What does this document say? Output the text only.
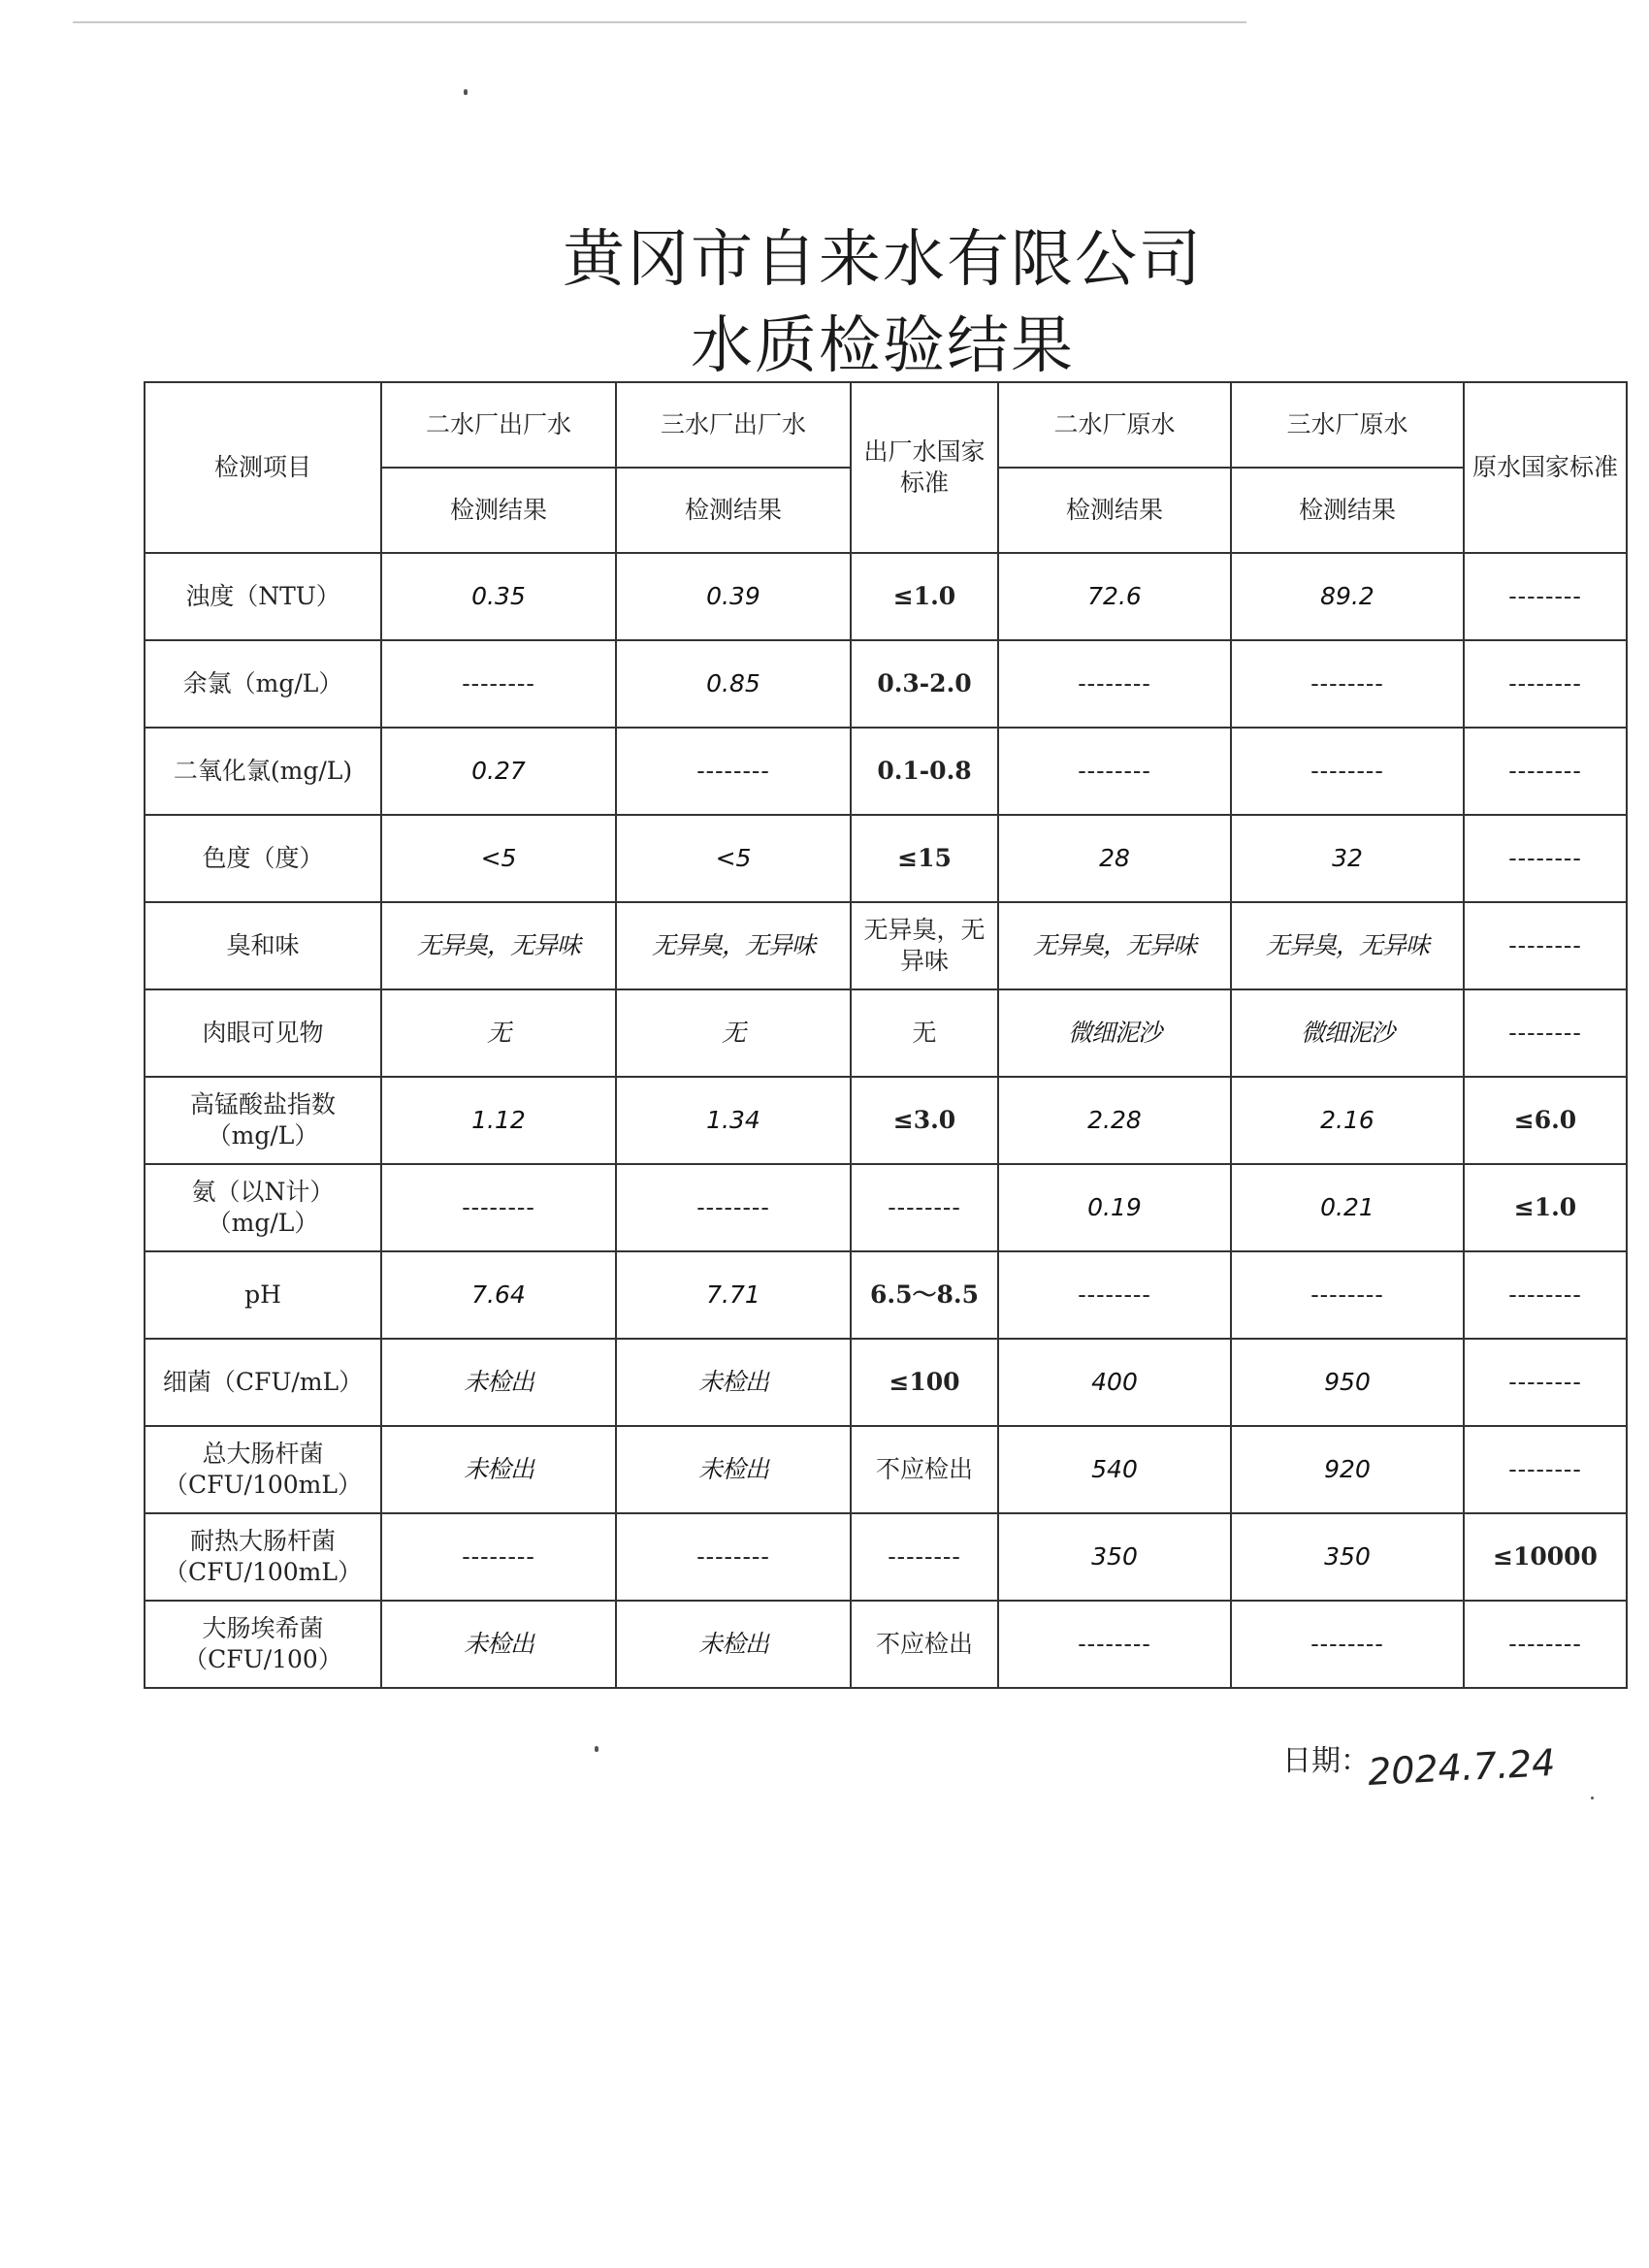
黄冈市自来水有限公司
水质检验结果
检测项目	二水厂出厂水	三水厂出厂水	出厂水国家标准	二水厂原水	三水厂原水	原水国家标准
	检测结果	检测结果		检测结果	检测结果	
浊度（NTU）	0.35	0.39	≤1.0	72.6	89.2	--------
余氯（mg/L）	--------	0.85	0.3-2.0	--------	--------	--------
二氧化氯(mg/L)	0.27	--------	0.1-0.8	--------	--------	--------
色度（度）	<5	<5	≤15	28	32	--------
臭和味	无异臭，无异味	无异臭，无异味	无异臭，无异味	无异臭，无异味	无异臭，无异味	--------
肉眼可见物	无	无	无	微细泥沙	微细泥沙	--------
高锰酸盐指数（mg/L）	1.12	1.34	≤3.0	2.28	2.16	≤6.0
氨（以N计）（mg/L）	--------	--------	--------	0.19	0.21	≤1.0
pH	7.64	7.71	6.5～8.5	--------	--------	--------
细菌（CFU/mL）	未检出	未检出	≤100	400	950	--------
总大肠杆菌（CFU/100mL）	未检出	未检出	不应检出	540	920	--------
耐热大肠杆菌（CFU/100mL）	--------	--------	--------	350	350	≤10000
大肠埃希菌（CFU/100）	未检出	未检出	不应检出	--------	--------	--------
日期：
2024.7.24
